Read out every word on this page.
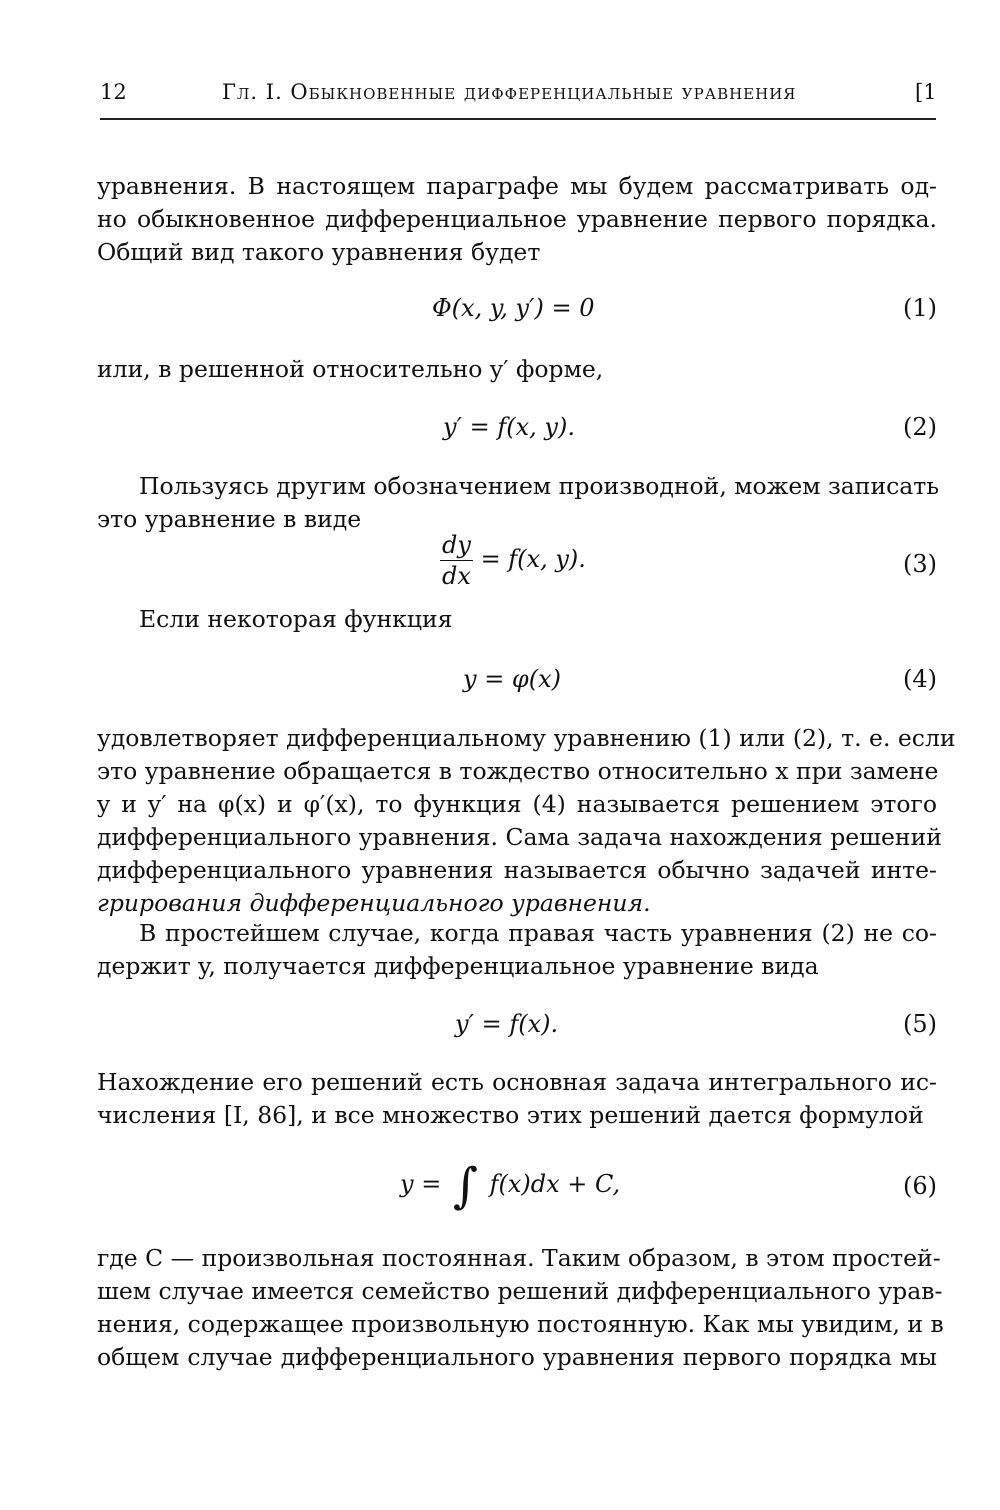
12	Гл. I. Обыкновенные дифференциальные уравнения	[1
уравнения. В настоящем параграфе мы будем рассматривать од-
но обыкновенное дифференциальное уравнение первого порядка.
Общий вид такого уравнения будет
Φ(x, y, y′) = 0	(1)
или, в решенной относительно y′ форме,
y′ = f(x, y).	(2)
Пользуясь другим обозначением производной, можем записать
это уравнение в виде
$\frac{dy}{dx} = f(x$, y).	(3)
Если некоторая функция
y = φ(x)	(4)
удовлетворяет дифференциальному уравнению (1) или (2), т. е. если
это уравнение обращается в тождество относительно x при замене
y и y′ на φ(x) и φ′(x), то функция (4) называется решением этого
дифференциального уравнения. Сама задача нахождения решений
дифференциального уравнения называется обычно задачей инте-
грирования дифференциального уравнения.
В простейшем случае, когда правая часть уравнения (2) не со-
держит y, получается дифференциальное уравнение вида
y′ = f(x).	(5)
Нахождение его решений есть основная задача интегрального ис-
числения [I, 86], и все множество этих решений дается формулой
y = ∫ f(x)dx + C,	(6)
где C — произвольная постоянная. Таким образом, в этом простей-
шем случае имеется семейство решений дифференциального урав-
нения, содержащее произвольную постоянную. Как мы увидим, и в
общем случае дифференциального уравнения первого порядка мы
